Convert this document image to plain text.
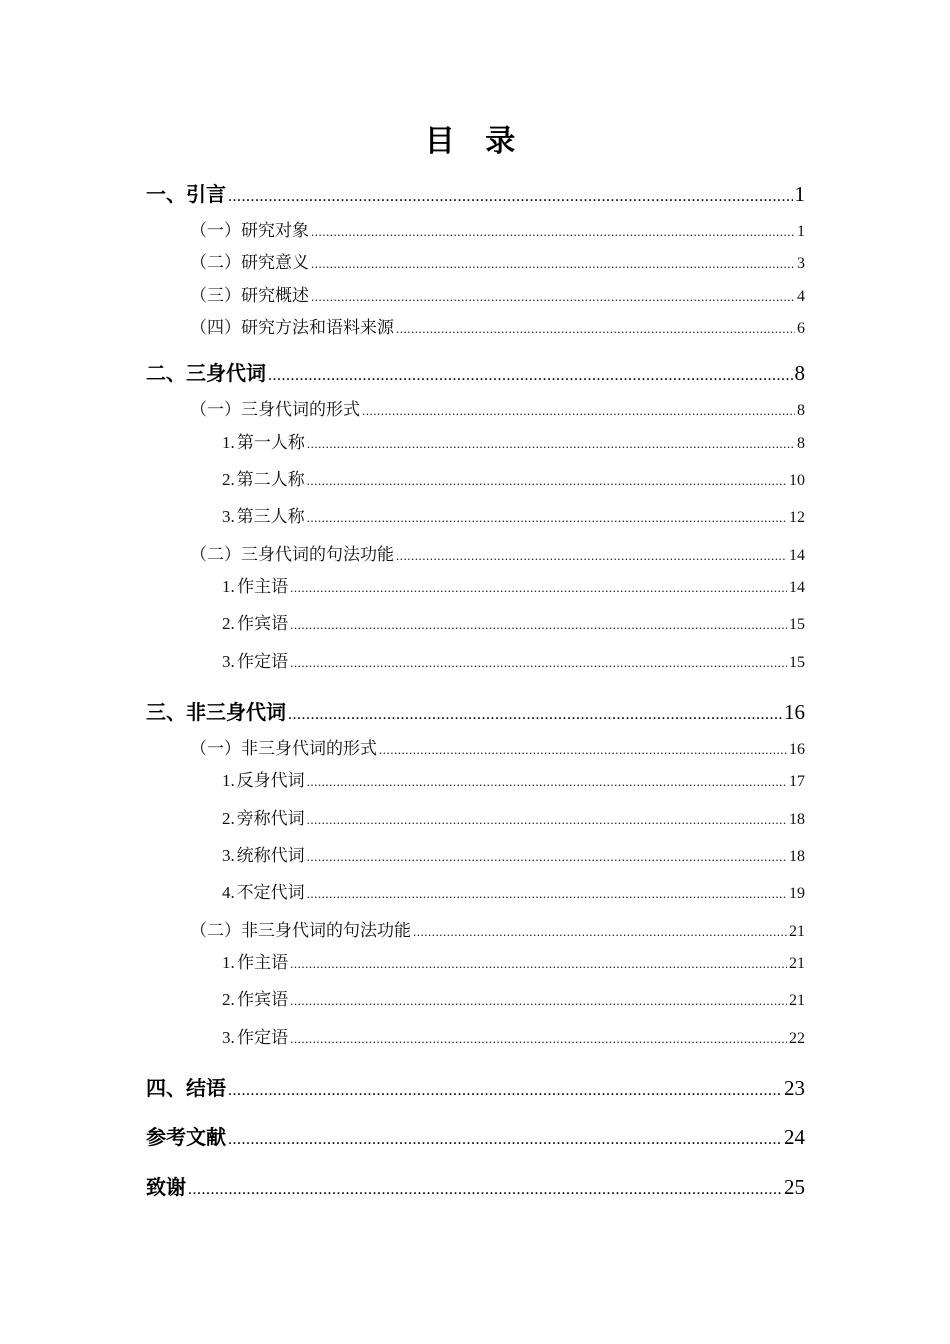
目 录
一、 引言 .....	1
（一） 研究对象 .....	1
（二） 研究意义 .....	3
（三） 研究概述 .....	4
（四） 研究方法和语料来源 .....	6
二、 三身代词 .....	8
（一） 三身代词的形式 .....	8
1. 第一人称 .....	8
2. 第二人称 .....	10
3. 第三人称 .....	12
（二） 三身代词的句法功能 .....	14
1. 作主语 .....	14
2. 作宾语 .....	15
3. 作定语 .....	15
三、 非三身代词 .....	16
（一） 非三身代词的形式 .....	16
1. 反身代词 .....	17
2. 旁称代词 .....	18
3. 统称代词 .....	18
4. 不定代词 .....	19
（二） 非三身代词的句法功能 .....	21
1. 作主语 .....	21
2. 作宾语 .....	21
3. 作定语 .....	22
四、 结语 .....	23
参考文献 .....	24
致谢 .....	25
